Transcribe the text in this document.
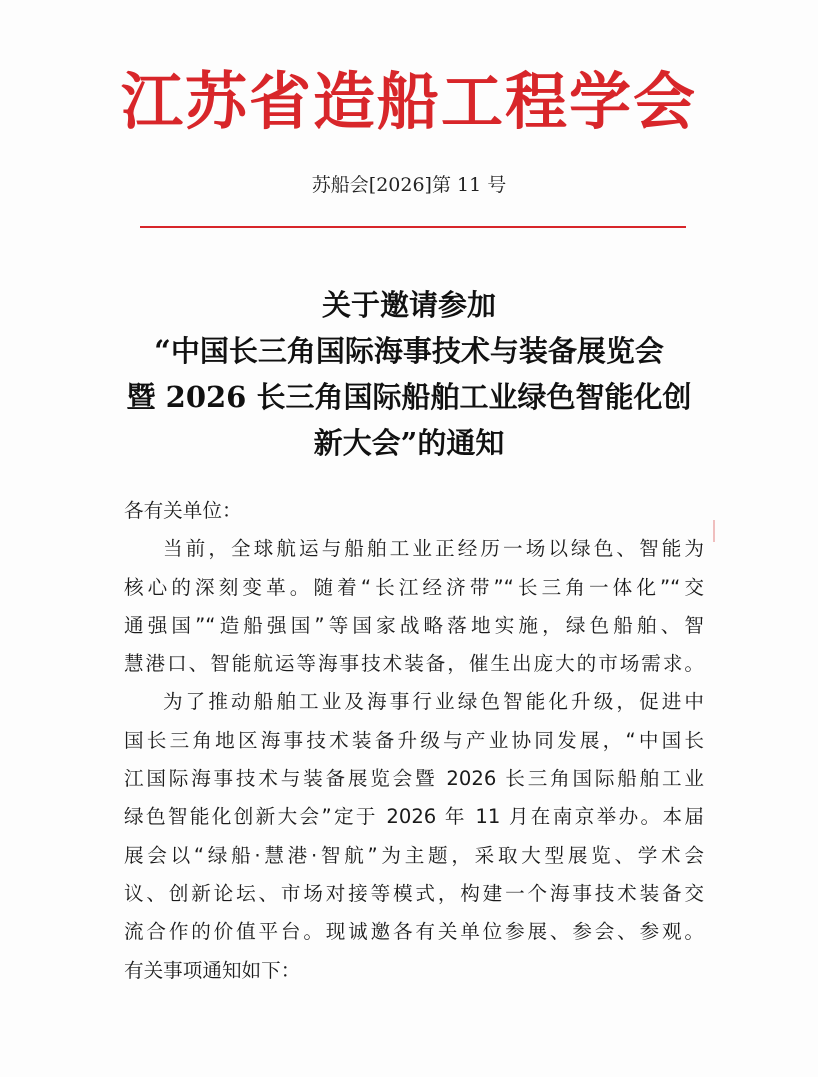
江苏省造船工程学会
苏船会[2026]第 11 号
关于邀请参加
“中国长三角国际海事技术与装备展览会
暨 2026 长三角国际船舶工业绿色智能化创
新大会”的通知
各有关单位：
当前，全球航运与船舶工业正经历一场以绿色、智能为
核心的深刻变革。随着“长江经济带”“长三角一体化”“交
通强国”“造船强国”等国家战略落地实施，绿色船舶、智
慧港口、智能航运等海事技术装备，催生出庞大的市场需求。
为了推动船舶工业及海事行业绿色智能化升级，促进中
国长三角地区海事技术装备升级与产业协同发展，“中国长
江国际海事技术与装备展览会暨 2026 长三角国际船舶工业
绿色智能化创新大会”定于 2026 年 11 月在南京举办。本届
展会以“绿船·慧港·智航”为主题，采取大型展览、学术会
议、创新论坛、市场对接等模式，构建一个海事技术装备交
流合作的价值平台。现诚邀各有关单位参展、参会、参观。
有关事项通知如下：
